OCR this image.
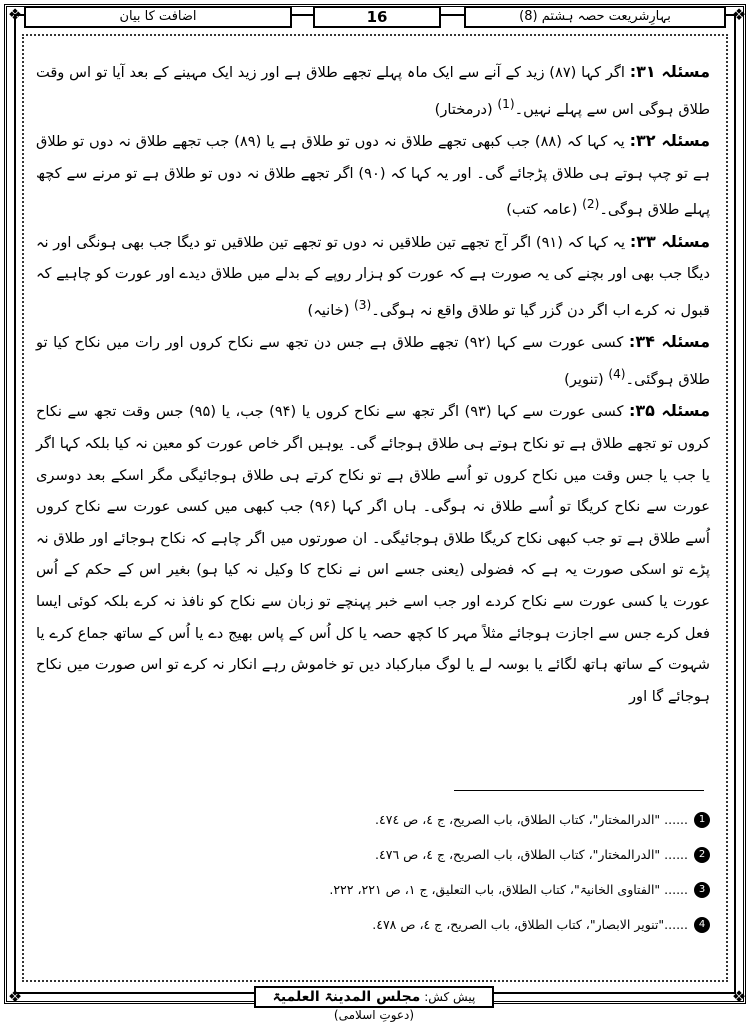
❖	❖
❖	❖
بہارِشریعت حصہ ہشتم (8)
16
اضافت کا بیان

مسئلہ ۳۱: اگر کہا (۸۷) زید کے آنے سے ایک ماہ پہلے تجھے طلاق ہے اور زید ایک مہینے کے بعد آیا تو اس وقت طلاق ہوگی اس سے پہلے نہیں۔$^{(1)}$ (درمختار)

مسئلہ ۳۲: یہ کہا کہ (۸۸) جب کبھی تجھے طلاق نہ دوں تو طلاق ہے یا (۸۹) جب تجھے طلاق نہ دوں تو طلاق ہے تو چپ ہوتے ہی طلاق پڑجائے گی۔ اور یہ کہا کہ (۹۰) اگر تجھے طلاق نہ دوں تو طلاق ہے تو مرنے سے کچھ پہلے طلاق ہوگی۔$^{(2)}$ (عامہ کتب)

مسئلہ ۳۳: یہ کہا کہ (۹۱) اگر آج تجھے تین طلاقیں نہ دوں تو تجھے تین طلاقیں تو دیگا جب بھی ہونگی اور نہ دیگا جب بھی اور بچنے کی یہ صورت ہے کہ عورت کو ہزار روپے کے بدلے میں طلاق دیدے اور عورت کو چاہیے کہ قبول نہ کرے اب اگر دن گزر گیا تو طلاق واقع نہ ہوگی۔$^{(3)}$ (خانیہ)

مسئلہ ۳۴: کسی عورت سے کہا (۹۲) تجھے طلاق ہے جس دن تجھ سے نکاح کروں اور رات میں نکاح کیا تو طلاق ہوگئی۔$^{(4)}$ (تنویر)

مسئلہ ۳۵: کسی عورت سے کہا (۹۳) اگر تجھ سے نکاح کروں یا (۹۴) جب، یا (۹۵) جس وقت تجھ سے نکاح کروں تو تجھے طلاق ہے تو نکاح ہوتے ہی طلاق ہوجائے گی۔ یوہیں اگر خاص عورت کو معین نہ کیا بلکہ کہا اگر یا جب یا جس وقت میں نکاح کروں تو اُسے طلاق ہے تو نکاح کرتے ہی طلاق ہوجائیگی مگر اسکے بعد دوسری عورت سے نکاح کریگا تو اُسے طلاق نہ ہوگی۔ ہاں اگر کہا (۹۶) جب کبھی میں کسی عورت سے نکاح کروں اُسے طلاق ہے تو جب کبھی نکاح کریگا طلاق ہوجائیگی۔ ان صورتوں میں اگر چاہے کہ نکاح ہوجائے اور طلاق نہ پڑے تو اسکی صورت یہ ہے کہ فضولی (یعنی جسے اس نے نکاح کا وکیل نہ کیا ہو) بغیر اس کے حکم کے اُس عورت یا کسی عورت سے نکاح کردے اور جب اسے خبر پہنچے تو زبان سے نکاح کو نافذ نہ کرے بلکہ کوئی ایسا فعل کرے جس سے اجازت ہوجائے مثلاً مہر کا کچھ حصہ یا کل اُس کے پاس بھیج دے یا اُس کے ساتھ جماع کرے یا شہوت کے ساتھ ہاتھ لگائے یا بوسہ لے یا لوگ مبارکباد دیں تو خاموش رہے انکار نہ کرے تو اس صورت میں نکاح ہوجائے گا اور

1
...... "الدرالمختار"، کتاب الطلاق، باب الصریح، ج ٤، ص ٤٧٤.
2
...... "الدرالمختار"، کتاب الطلاق، باب الصریح، ج ٤، ص ٤٧٦.
3
...... "الفتاوی الخانیۃ"، کتاب الطلاق، باب التعلیق، ج ١، ص ٢٢١، ٢٢٢.
4
......"تنویر الابصار"، کتاب الطلاق، باب الصریح، ج ٤، ص ٤٧٨.
پیش کش: مجلس المدینۃ العلمیۃ (دعوتِ اسلامی)
